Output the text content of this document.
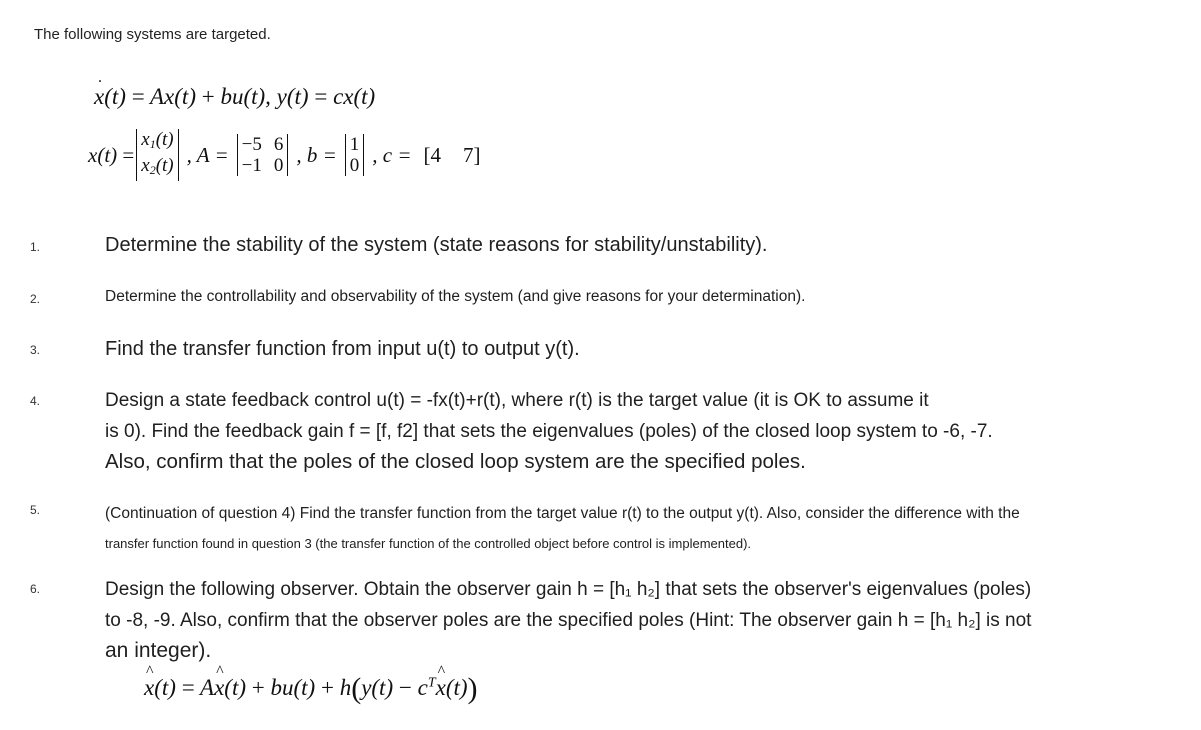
The following systems are targeted.
x ˙(t) = Ax(t) + bu(t), y(t) = cx(t)
x(t) =
x1(t)
x2(t) , A = −5 6
−1 0 , b = 1
0 , c = [4 7]
1.	Determine the stability of the system (state reasons for stability/unstability).
2.	Determine the controllability and observability of the system (and give reasons for your determination).
3.	Find the transfer function from input u(t) to output y(t).
4.	Design a state feedback control u(t) = -fx(t)+r(t), where r(t) is the target value (it is OK to assume it
is 0). Find the feedback gain f = [f, f2] that sets the eigenvalues (poles) of the closed loop system to -6, -7.
Also, confirm that the poles of the closed loop system are the specified poles.
5.	(Continuation of question 4) Find the transfer function from the target value r(t) to the output y(t). Also, consider the difference with the
transfer function found in question 3 (the transfer function of the controlled object before control is implemented).
6.	Design the following observer. Obtain the observer gain h = [h₁ h₂] that sets the observer's eigenvalues (poles)
to -8, -9. Also, confirm that the observer poles are the specified poles (Hint: The observer gain h = [h₁ h₂] is not
an integer).
x ^(t) = Ax ^(t) + $bu(t) + h(y(t) - c^Tx$ ^(t))
